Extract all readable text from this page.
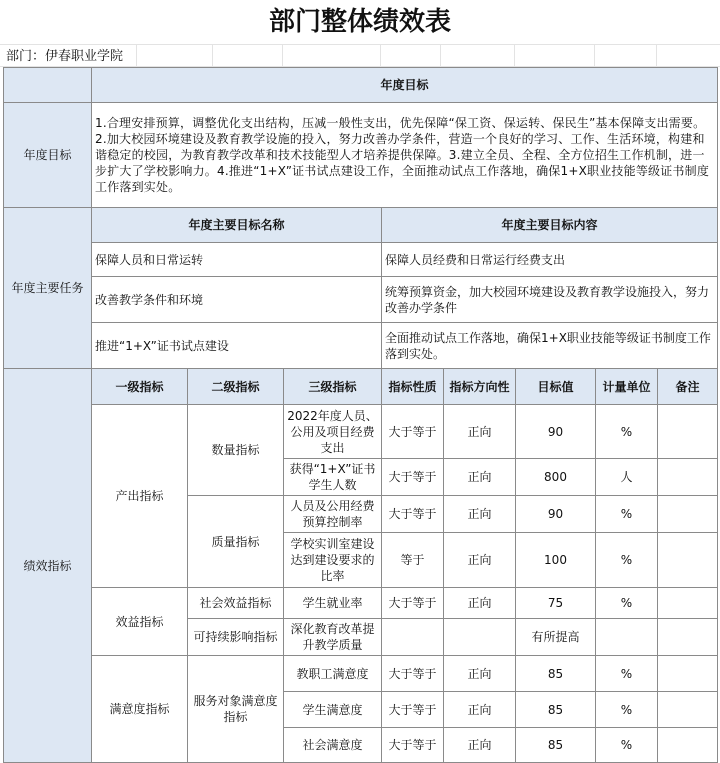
部门整体绩效表
部门：伊春职业学院
	年度目标							
年度目标	1.合理安排预算，调整优化支出结构，压减一般性支出，优先保障“保工资、保运转、保民生”基本保障支出需要。2.加大校园环境建设及教育教学设施的投入，努力改善办学条件，营造一个良好的学习、工作、生活环境，构建和谐稳定的校园，为教育教学改革和技术技能型人才培养提供保障。3.建立全员、全程、全方位招生工作机制，进一步扩大了学校影响力。4.推进“1+X”证书试点建设工作，全面推动试点工作落地，确保1+X职业技能等级证书制度工作落到实处。							
年度主要任务	年度主要目标名称			年度主要目标内容				
	保障人员和日常运转			保障人员经费和日常运行经费支出				
	改善教学条件和环境			统筹预算资金，加大校园环境建设及教育教学设施投入，努力改善办学条件				
	推进“1+X”证书试点建设			全面推动试点工作落地，确保1+X职业技能等级证书制度工作落到实处。				
绩效指标	一级指标	二级指标	三级指标	指标性质	指标方向性	目标值	计量单位	备注
	产出指标	数量指标	2022年度人员、公用及项目经费支出	大于等于	正向	90	%	
			获得“1+X”证书学生人数	大于等于	正向	800	人	
		质量指标	人员及公用经费预算控制率	大于等于	正向	90	%	
			学校实训室建设达到建设要求的比率	等于	正向	100	%	
	效益指标	社会效益指标	学生就业率	大于等于	正向	75	%	
		可持续影响指标	深化教育改革提升教学质量			有所提高		
	满意度指标	服务对象满意度指标	教职工满意度	大于等于	正向	85	%	
			学生满意度	大于等于	正向	85	%	
			社会满意度	大于等于	正向	85	%	
